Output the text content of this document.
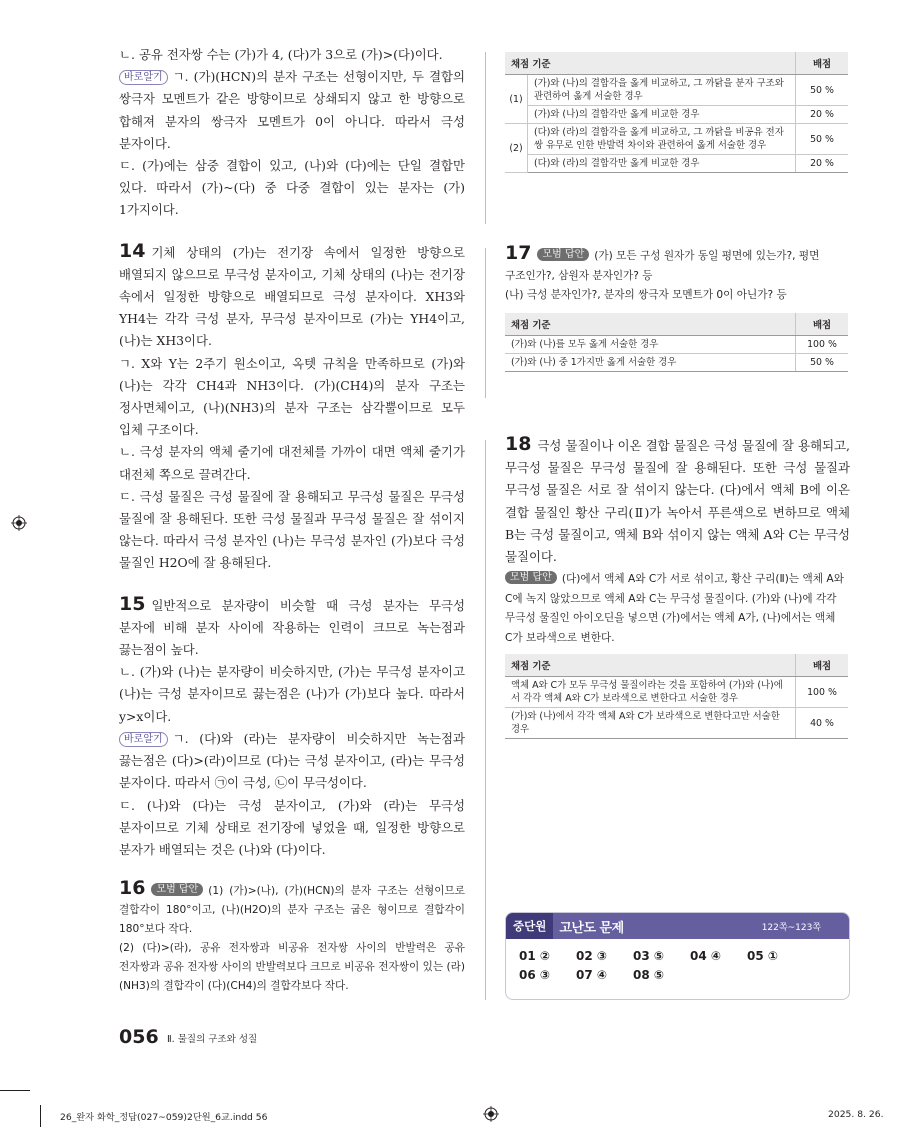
ㄴ. 공유 전자쌍 수는 (가)가 4, (다)가 3으로 (가)>(다)이다.

바로알기 ㄱ. (가)(HCN)의 분자 구조는 선형이지만, 두 결합의 쌍극자 모멘트가 같은 방향이므로 상쇄되지 않고 한 방향으로 합해져 분자의 쌍극자 모멘트가 0이 아니다. 따라서 극성 분자이다.

ㄷ. (가)에는 삼중 결합이 있고, (나)와 (다)에는 단일 결합만 있다. 따라서 (가)~(다) 중 다중 결합이 있는 분자는 (가) 1가지이다.

14 기체 상태의 (가)는 전기장 속에서 일정한 방향으로 배열되지 않으므로 무극성 분자이고, 기체 상태의 (나)는 전기장 속에서 일정한 방향으로 배열되므로 극성 분자이다. XH3와 YH4는 각각 극성 분자, 무극성 분자이므로 (가)는 YH4이고, (나)는 XH3이다.

ㄱ. X와 Y는 2주기 원소이고, 옥텟 규칙을 만족하므로 (가)와 (나)는 각각 CH4과 NH3이다. (가)(CH4)의 분자 구조는 정사면체이고, (나)(NH3)의 분자 구조는 삼각뿔이므로 모두 입체 구조이다.

ㄴ. 극성 분자의 액체 줄기에 대전체를 가까이 대면 액체 줄기가 대전체 쪽으로 끌려간다.

ㄷ. 극성 물질은 극성 물질에 잘 용해되고 무극성 물질은 무극성 물질에 잘 용해된다. 또한 극성 물질과 무극성 물질은 잘 섞이지 않는다. 따라서 극성 분자인 (나)는 무극성 분자인 (가)보다 극성 물질인 H2O에 잘 용해된다.

15 일반적으로 분자량이 비슷할 때 극성 분자는 무극성 분자에 비해 분자 사이에 작용하는 인력이 크므로 녹는점과 끓는점이 높다.

ㄴ. (가)와 (나)는 분자량이 비슷하지만, (가)는 무극성 분자이고 (나)는 극성 분자이므로 끓는점은 (나)가 (가)보다 높다. 따라서 y>x이다.

바로알기 ㄱ. (다)와 (라)는 분자량이 비슷하지만 녹는점과 끓는점은 (다)>(라)이므로 (다)는 극성 분자이고, (라)는 무극성 분자이다. 따라서 ㉠이 극성, ㉡이 무극성이다.

ㄷ. (나)와 (다)는 극성 분자이고, (가)와 (라)는 무극성 분자이므로 기체 상태로 전기장에 넣었을 때, 일정한 방향으로 분자가 배열되는 것은 (나)와 (다)이다.

16 모범 답안 (1) (가)>(나), (가)(HCN)의 분자 구조는 선형이므로 결합각이 180°이고, (나)(H2O)의 분자 구조는 굽은 형이므로 결합각이 180°보다 작다.

(2) (다)>(라), 공유 전자쌍과 비공유 전자쌍 사이의 반발력은 공유 전자쌍과 공유 전자쌍 사이의 반발력보다 크므로 비공유 전자쌍이 있는 (라)(NH3)의 결합각이 (다)(CH4)의 결합각보다 작다.

채점 기준		배점
(1)	(가)와 (나)의 결합각을 옳게 비교하고, 그 까닭을 분자 구조와 관련하여 옳게 서술한 경우	50 %
	(가)와 (나)의 결합각만 옳게 비교한 경우	20 %
(2)	(다)와 (라)의 결합각을 옳게 비교하고, 그 까닭을 비공유 전자쌍 유무로 인한 반발력 차이와 관련하여 옳게 서술한 경우	50 %
	(다)와 (라)의 결합각만 옳게 비교한 경우	20 %
17 모범 답안 (가) 모든 구성 원자가 동일 평면에 있는가?, 평면 구조인가?, 삼원자 분자인가? 등
(나) 극성 분자인가?, 분자의 쌍극자 모멘트가 0이 아닌가? 등
채점 기준	배점
(가)와 (나)를 모두 옳게 서술한 경우	100 %
(가)와 (나) 중 1가지만 옳게 서술한 경우	50 %

18 극성 물질이나 이온 결합 물질은 극성 물질에 잘 용해되고, 무극성 물질은 무극성 물질에 잘 용해된다. 또한 극성 물질과 무극성 물질은 서로 잘 섞이지 않는다. (다)에서 액체 B에 이온 결합 물질인 황산 구리(Ⅱ)가 녹아서 푸른색으로 변하므로 액체 B는 극성 물질이고, 액체 B와 섞이지 않는 액체 A와 C는 무극성 물질이다.

모범 답안 (다)에서 액체 A와 C가 서로 섞이고, 황산 구리(Ⅱ)는 액체 A와 C에 녹지 않았으므로 액체 A와 C는 무극성 물질이다. (가)와 (나)에 각각 무극성 물질인 아이오딘을 넣으면 (가)에서는 액체 A가, (나)에서는 액체 C가 보라색으로 변한다.

채점 기준	배점
액체 A와 C가 모두 무극성 물질이라는 것을 포함하여 (가)와 (나)에서 각각 액체 A와 C가 보라색으로 변한다고 서술한 경우	100 %
(가)와 (나)에서 각각 액체 A와 C가 보라색으로 변한다고만 서술한 경우	40 %
중단원	고난도 문제	122쪽~123쪽
01 ② 02 ③ 03 ⑤ 04 ④ 05 ①06 ③ 07 ④ 08 ⑤
056 Ⅱ. 물질의 구조와 성질
26_완자 화학_정답(027~059)2단원_6교.indd 56	2025. 8. 26.
